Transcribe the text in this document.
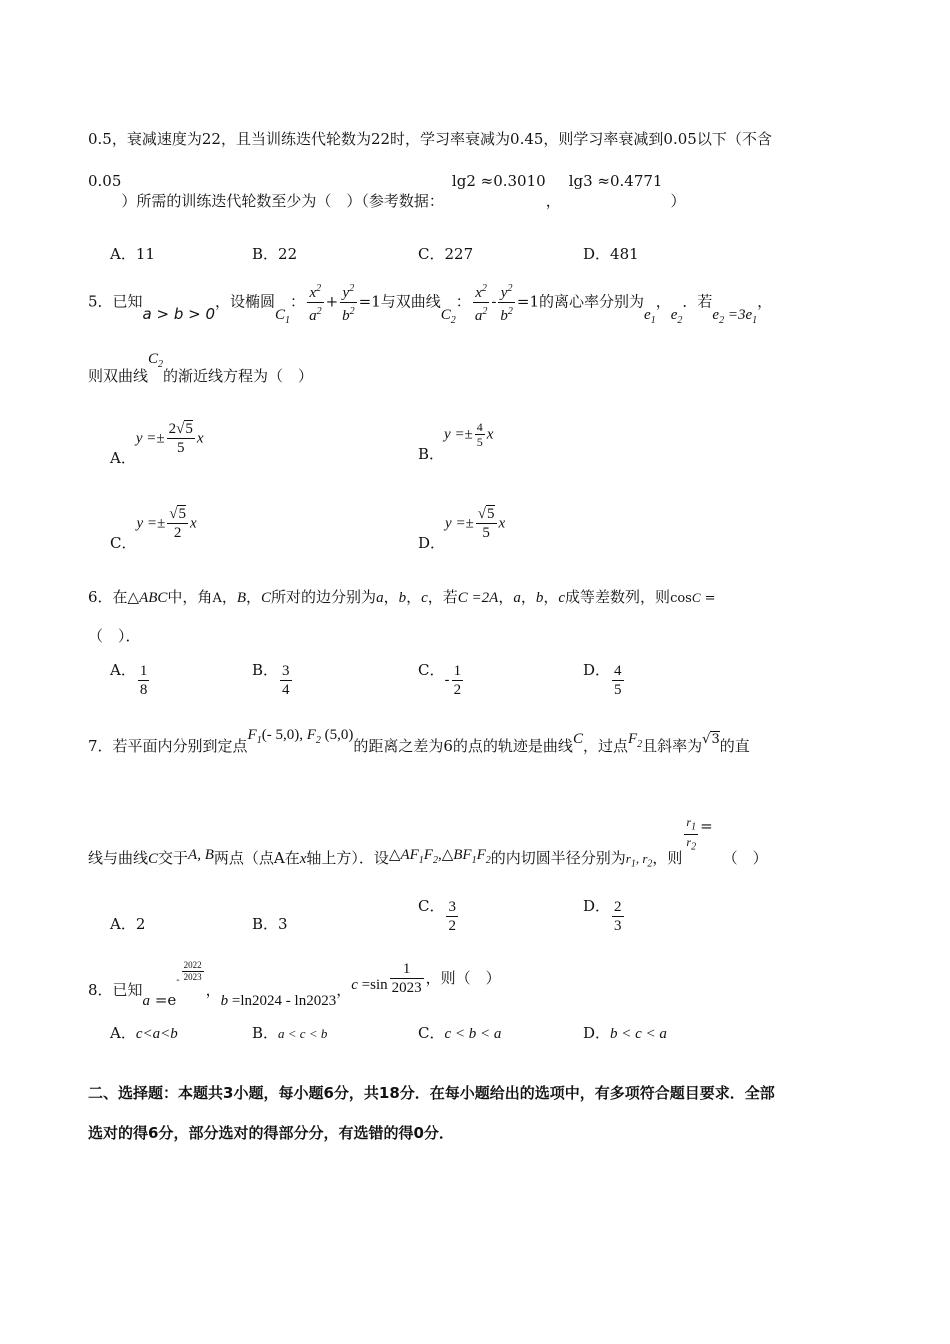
0.5，衰减速度为22，且当训练迭代轮数为22时，学习率衰减为0.45，则学习率衰减到0.05以下（不含
0.05）所需的训练迭代轮数至少为（　）（参考数据：lg2 ≈0.3010，lg3 ≈0.4771）
A．11	B．22	C．227	D．481
5．已知a > b > 0，设椭圆$C_1$： $\frac{x^2}{a^2} + \frac{y^2}{b^2} =1$与双曲线$C_2$： $\frac{x^2}{a^2} - \frac{y^2}{b^2} =1$的离心率分别为$e_1$，$e_2$．若$e_2 =3e_1$，
则双曲线$C_2$的渐近线方程为（　）
A．$y =\pm \frac{2√5}{5}$ x
B．$y =\pm \frac{4}{5}$ x
C．$y =\pm \frac{√5}{2}$ x
D．$y =\pm \frac{√5}{5}$ x
6．在△ABC中，角A，B，C所对的边分别为a，b，c，若C =2A，a，b，c成等差数列，则cosC =
（　）．
A． $\frac{1}{8}$	B． $\frac{3}{4}$	C．- $\frac{1}{2}$	D． $\frac{4}{5}$
7．若平面内分别到定点$F_1(-$ 5,0), $F_2$ (5,0)的距离之差为6的点的轨迹是曲线C，过点$F_2$且斜率为√3的直
线与曲线C交于A, B两点（点A在x轴上方）．设$\triangle AF_1F_2,\triangle BF_1F_2$的内切圆半径分别为$r_1$, $r_2$，则
$\frac{r_1}{r_2}$ =（　）
A．2	B．3
C． $\frac{3}{2}$	D． $\frac{2}{3}$
8．已知$a =e- \frac{2022}{2023}$
，b =ln2024 - ln2023，$c =\sin \frac{1}{2023}$ ，则（　）
A．c<a<b	B．a < c < b	C．c < b < a	D．b < c < a
二、选择题：本题共3小题，每小题6分，共18分．在每小题给出的选项中，有多项符合题目要求．全部
选对的得6分，部分选对的得部分分，有选错的得0分．
